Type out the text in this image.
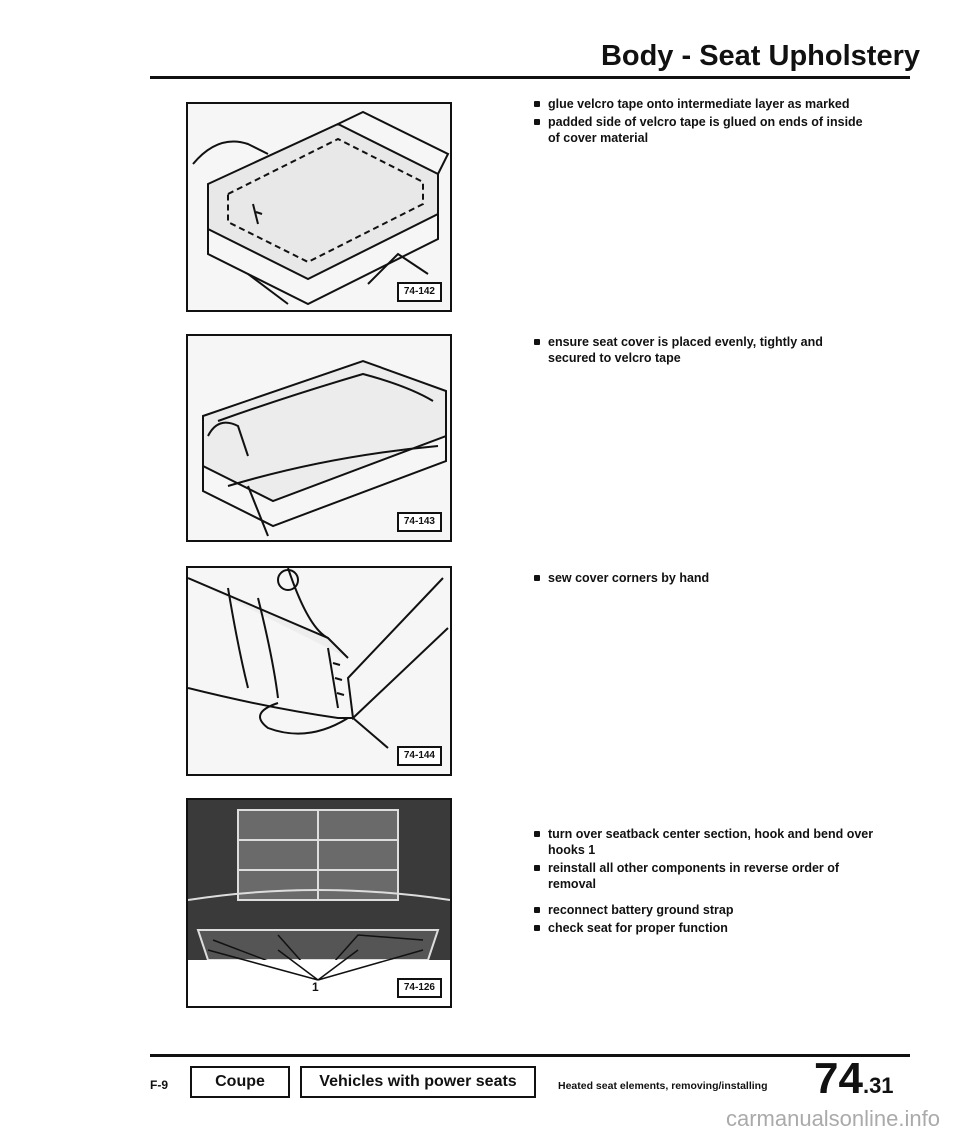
Body - Seat Upholstery
74-142
74-143
74-144
1	74-126
glue velcro tape onto intermediate layer as marked
padded side of velcro tape is glued on ends of inside of cover material
ensure seat cover is placed evenly, tightly and secured to velcro tape
sew cover corners by hand
turn over seatback center section, hook and bend over hooks 1
reinstall all other components in reverse order of removal
reconnect battery ground strap
check seat for proper function
F-9	Coupe	Vehicles with power seats	Heated seat elements, removing/installing 74.31
carmanualsonline.info
